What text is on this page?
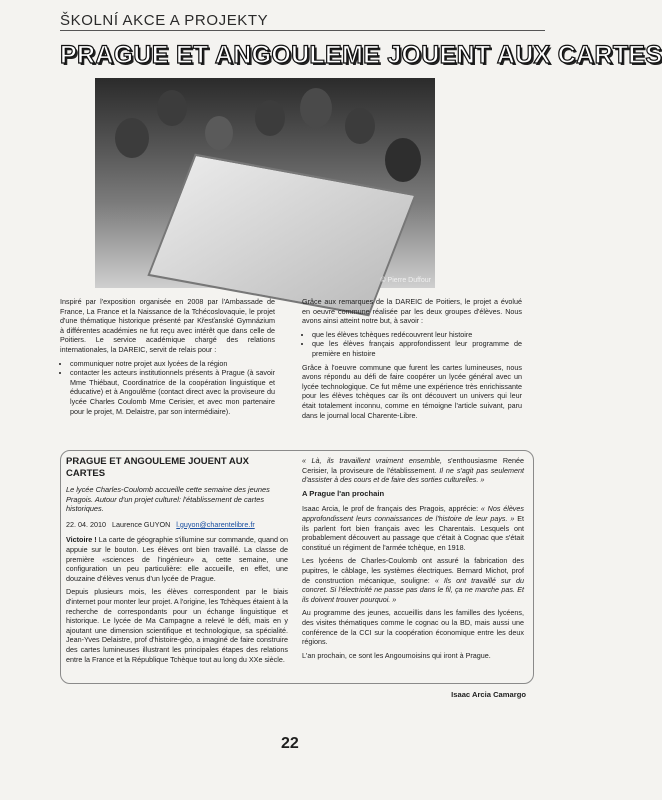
ŠKOLNÍ AKCE A PROJEKTY
PRAGUE ET ANGOULEME JOUENT AUX CARTES
© Pierre Duffour

Inspiré par l'exposition organisée en 2008 par l'Ambassade de France, La France et la Naissance de la Tchécoslovaquie, le projet d'une thématique historique présenté par Křesťanské Gymnázium à différentes académies ne fut reçu avec intérêt que dans celle de Poitiers. Le service académique chargé des relations internationales, la DAREIC, servit de relais pour :

• communiquer notre projet aux lycées de la région
• contacter les acteurs institutionnels présents à Prague (à savoir Mme Thiébaut, Coordinatrice de la coopération linguistique et éducative) et à Angoulême (contact direct avec la proviseure du lycée Charles Coulomb Mme Cerisier, et avec mon partenaire pour le projet, M. Delaistre, par son intermédiaire).

Grâce aux remarques de la DAREIC de Poitiers, le projet a évolué en oeuvre commune réalisée par les deux groupes d'élèves. Nous avons ainsi atteint notre but, à savoir :

• que les élèves tchèques redécouvrent leur histoire
• que les élèves français approfondissent leur programme de première en histoire

Grâce à l'oeuvre commune que furent les cartes lumineuses, nous avons répondu au défi de faire coopérer un lycée général avec un lycée technologique. Ce fut même une expérience très enrichissante pour les élèves tchèques car ils ont découvert un univers qui leur était totalement inconnu, comme en témoigne l'article suivant, paru dans le journal local Charente-Libre.

PRAGUE ET ANGOULEME JOUENT AUX CARTES
Le lycée Charles-Coulomb accueille cette semaine des jeunes Pragois. Autour d'un projet culturel: l'établissement de cartes historiques.
22. 04. 2010 Laurence GUYON l.guyon@charentelibre.fr

Victoire ! La carte de géographie s'illumine sur commande, quand on appuie sur le bouton. Les élèves ont bien travaillé. La classe de première «sciences de l'ingénieur» a, cette semaine, une configuration un peu particulière: elle accueille, en effet, une douzaine d'élèves venus d'un lycée de Prague.

Depuis plusieurs mois, les élèves correspondent par le biais d'internet pour monter leur projet. A l'origine, les Tchèques étaient à la recherche de correspondants pour un échange linguistique et historique. Le lycée de Ma Campagne a relevé le défi, mais en y ajoutant une dimension scientifique et technologique, sa spécialité. Jean-Yves Delaistre, prof d'histoire-géo, a imaginé de faire construire des cartes lumineuses illustrant les principales étapes des relations entre la France et la République Tchèque tout au long du XXe siècle.

« Là, ils travaillent vraiment ensemble, s'enthousiasme Renée Cerisier, la proviseure de l'établissement. Il ne s'agit pas seulement d'assister à des cours et de faire des sorties culturelles. »

A Prague l'an prochain

Isaac Arcia, le prof de français des Pragois, apprécie: « Nos élèves approfondissent leurs connaissances de l'histoire de leur pays. » Et ils parlent fort bien français avec les Charentais. Lesquels ont probablement découvert au passage que c'était à Cognac que s'était constitué un régiment de l'armée tchèque, en 1918.

Les lycéens de Charles-Coulomb ont assuré la fabrication des pupitres, le câblage, les systèmes électriques. Bernard Michot, prof de construction mécanique, souligne: « Ils ont travaillé sur du concret. Si l'électricité ne passe pas dans le fil, ça ne marche pas. Et ils doivent trouver pourquoi. »

Au programme des jeunes, accueillis dans les familles des lycéens, des visites thématiques comme le cognac ou la BD, mais aussi une conférence de la CCI sur la coopération économique entre les deux régions.

L'an prochain, ce sont les Angoumoisins qui iront à Prague.

Isaac Arcia Camargo
22
